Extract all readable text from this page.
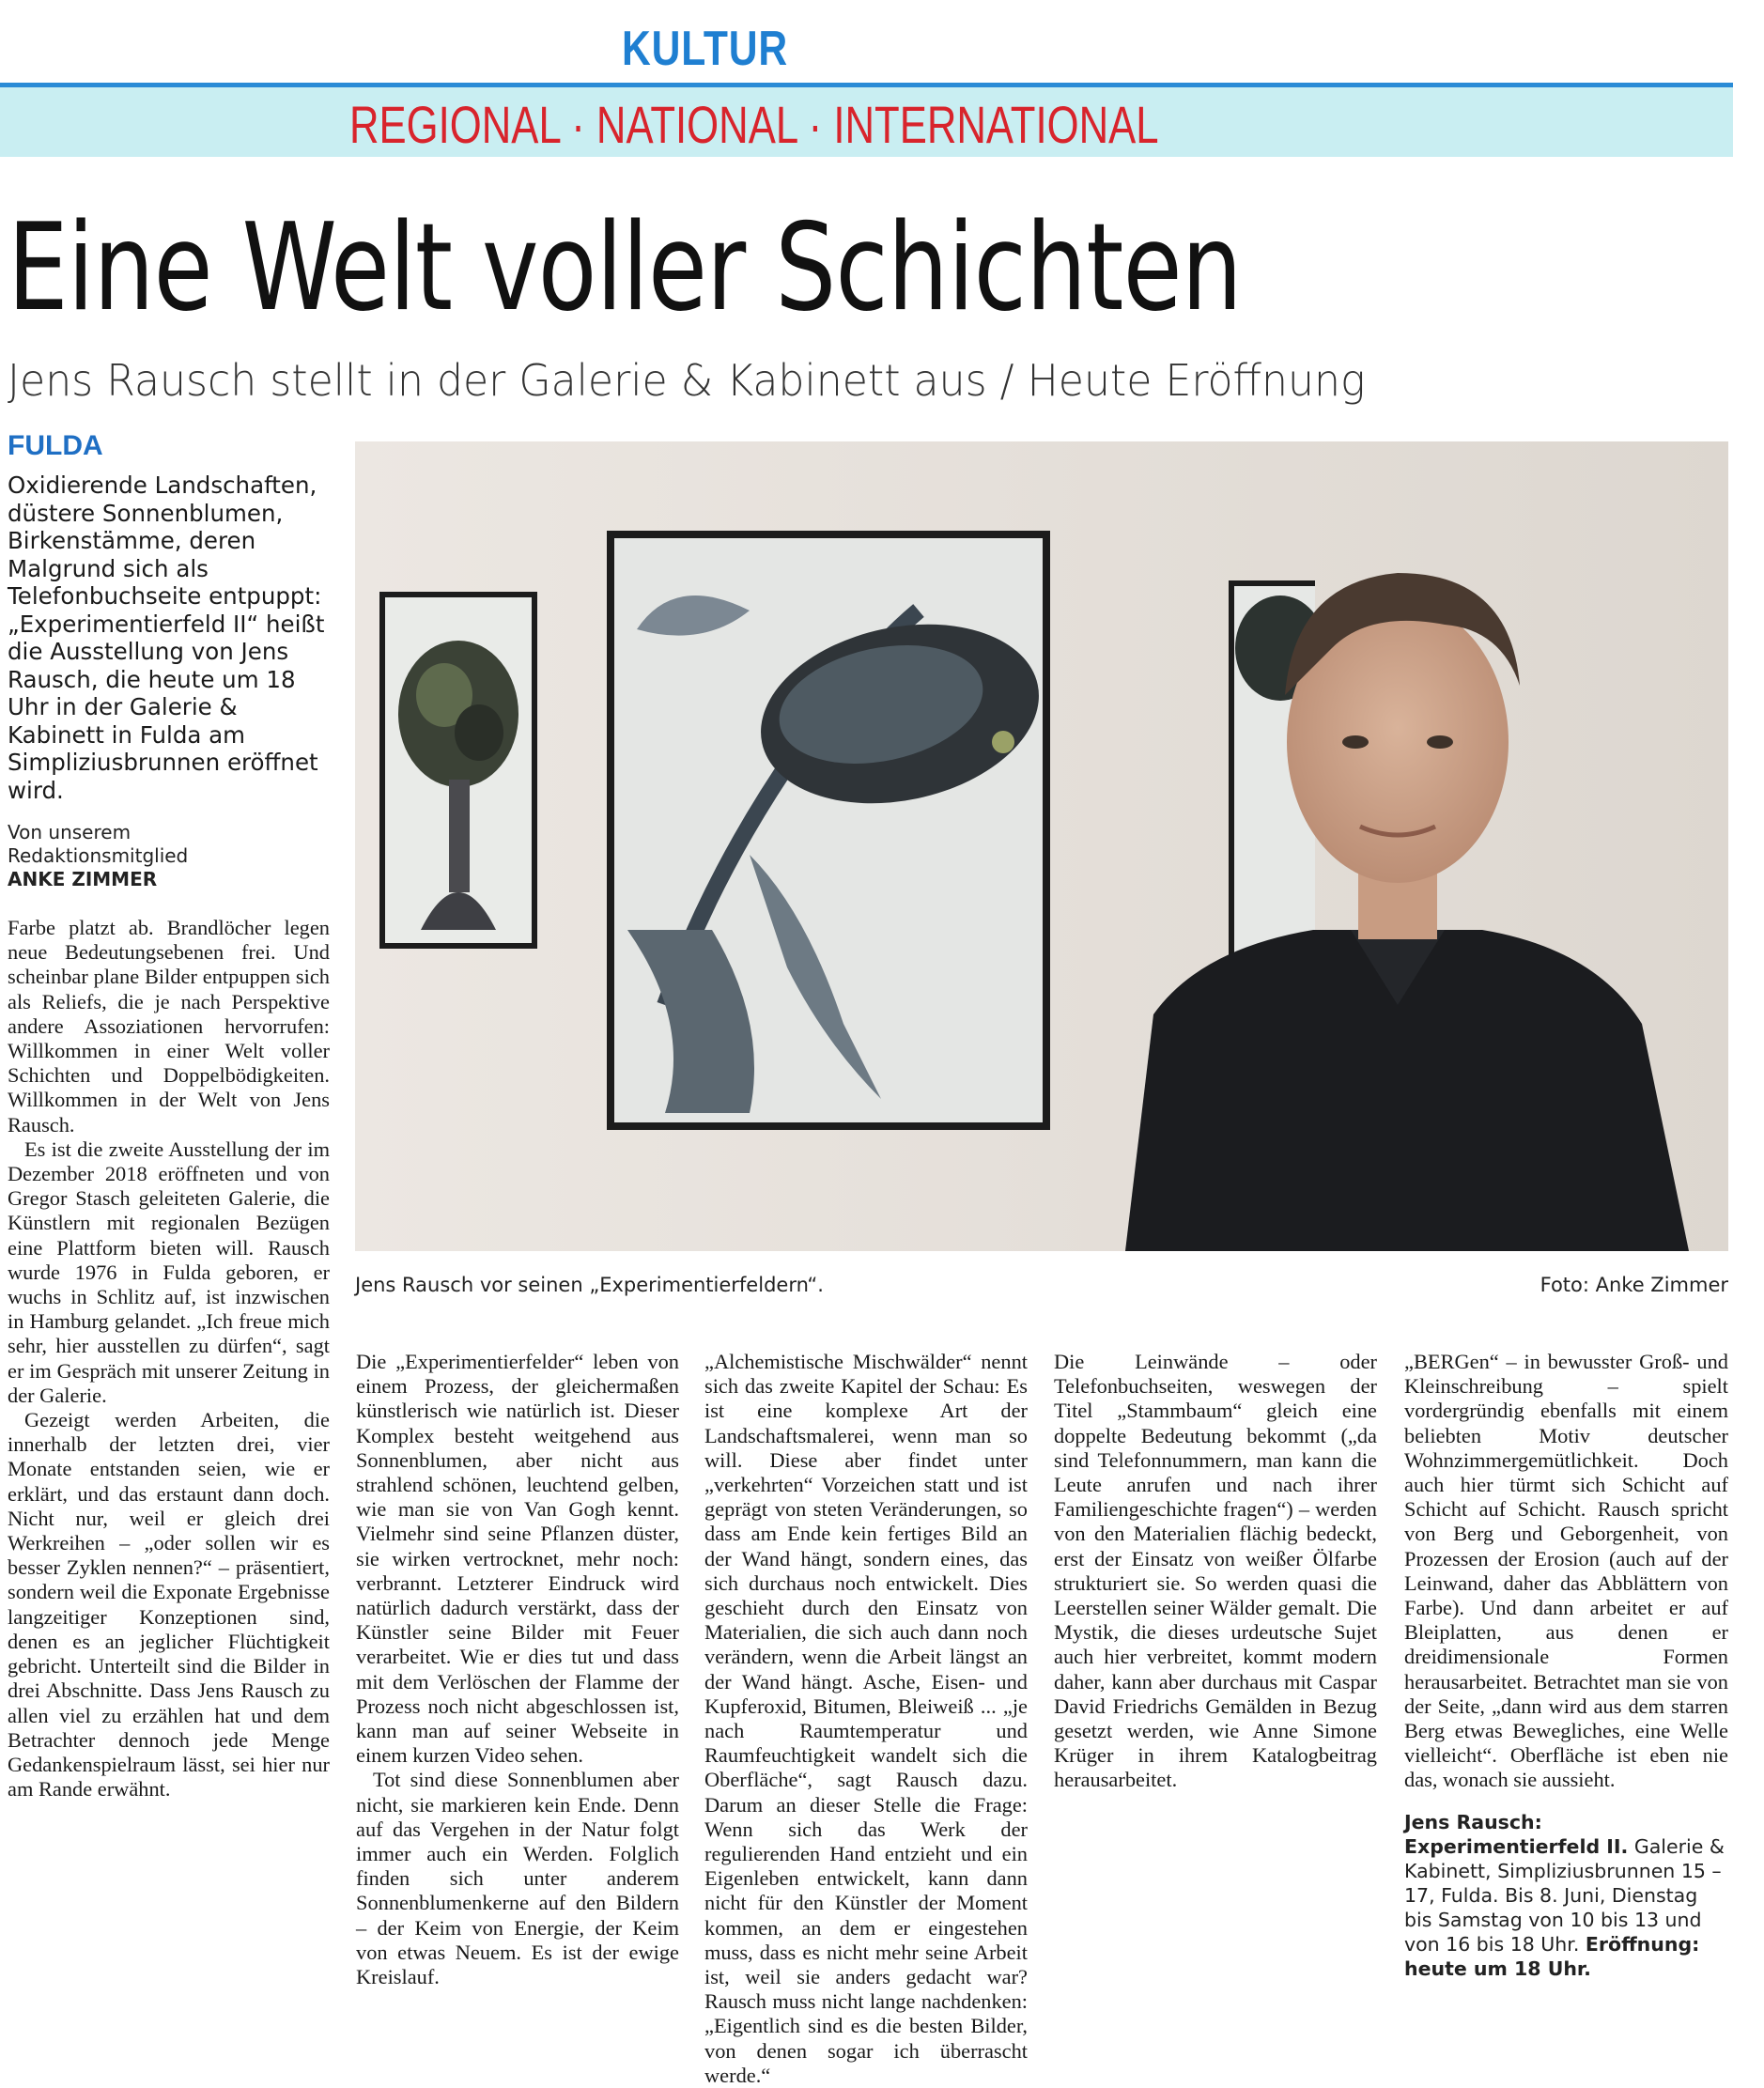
KULTUR
REGIONAL · NATIONAL · INTERNATIONAL
Eine Welt voller Schichten
Jens Rausch stellt in der Galerie & Kabinett aus / Heute Eröffnung
FULDA
Oxidierende Landschaften, düstere Sonnenblumen, Birkenstämme, deren Malgrund sich als Telefonbuchseite entpuppt: „Experimentierfeld II“ heißt die Ausstellung von Jens Rausch, die heute um 18 Uhr in der Galerie & Kabinett in Fulda am Simpliziusbrunnen eröffnet wird.
Von unserem
Redaktionsmitglied
ANKE ZIMMER
Jens Rausch vor seinen „Experimentierfeldern“.	Foto: Anke Zimmer

Farbe platzt ab. Brandlöcher legen neue Bedeutungsebenen frei. Und scheinbar plane Bilder entpuppen sich als Reliefs, die je nach Perspektive andere Assoziationen hervorrufen: Willkommen in einer Welt voller Schichten und Doppelbödigkeiten. Willkommen in der Welt von Jens Rausch.

Es ist die zweite Ausstellung der im Dezember 2018 eröffneten und von Gregor Stasch geleiteten Galerie, die Künstlern mit regionalen Bezügen eine Plattform bieten will. Rausch wurde 1976 in Fulda geboren, er wuchs in Schlitz auf, ist inzwischen in Hamburg gelandet. „Ich freue mich sehr, hier ausstellen zu dürfen“, sagt er im Gespräch mit unserer Zeitung in der Galerie.

Gezeigt werden Arbeiten, die innerhalb der letzten drei, vier Monate entstanden seien, wie er erklärt, und das erstaunt dann doch. Nicht nur, weil er gleich drei Werkreihen – „oder sollen wir es besser Zyklen nennen?“ – präsentiert, sondern weil die Exponate Ergebnisse langzeitiger Konzeptionen sind, denen es an jeglicher Flüchtigkeit gebricht. Unterteilt sind die Bilder in drei Abschnitte. Dass Jens Rausch zu allen viel zu erzählen hat und dem Betrachter dennoch jede Menge Gedankenspielraum lässt, sei hier nur am Rande erwähnt.

Die „Experimentierfelder“ leben von einem Prozess, der gleichermaßen künstlerisch wie natürlich ist. Dieser Komplex besteht weitgehend aus Sonnenblumen, aber nicht aus strahlend schönen, leuchtend gelben, wie man sie von Van Gogh kennt. Vielmehr sind seine Pflanzen düster, sie wirken vertrocknet, mehr noch: verbrannt. Letzterer Eindruck wird natürlich dadurch verstärkt, dass der Künstler seine Bilder mit Feuer verarbeitet. Wie er dies tut und dass mit dem Verlöschen der Flamme der Prozess noch nicht abgeschlossen ist, kann man auf seiner Webseite in einem kurzen Video sehen.

Tot sind diese Sonnenblumen aber nicht, sie markieren kein Ende. Denn auf das Vergehen in der Natur folgt immer auch ein Werden. Folglich finden sich unter anderem Sonnenblumenkerne auf den Bildern – der Keim von Energie, der Keim von etwas Neuem. Es ist der ewige Kreislauf.

„Alchemistische Mischwälder“ nennt sich das zweite Kapitel der Schau: Es ist eine komplexe Art der Landschaftsmalerei, wenn man so will. Diese aber findet unter „verkehrten“ Vorzeichen statt und ist geprägt von steten Veränderungen, so dass am Ende kein fertiges Bild an der Wand hängt, sondern eines, das sich durchaus noch entwickelt. Dies geschieht durch den Einsatz von Materialien, die sich auch dann noch verändern, wenn die Arbeit längst an der Wand hängt. Asche, Eisen- und Kupferoxid, Bitumen, Bleiweiß ... „je nach Raumtemperatur und Raumfeuchtigkeit wandelt sich die Oberfläche“, sagt Rausch dazu. Darum an dieser Stelle die Frage: Wenn sich das Werk der regulierenden Hand entzieht und ein Eigenleben entwickelt, kann dann nicht für den Künstler der Moment kommen, an dem er eingestehen muss, dass es nicht mehr seine Arbeit ist, weil sie anders gedacht war? Rausch muss nicht lange nachdenken: „Eigentlich sind es die besten Bilder, von denen sogar ich überrascht werde.“

Die Leinwände – oder Telefonbuchseiten, weswegen der Titel „Stammbaum“ gleich eine doppelte Bedeutung bekommt („da sind Telefonnummern, man kann die Leute anrufen und nach ihrer Familiengeschichte fragen“) – werden von den Materialien flächig bedeckt, erst der Einsatz von weißer Ölfarbe strukturiert sie. So werden quasi die Leerstellen seiner Wälder gemalt. Die Mystik, die dieses urdeutsche Sujet auch hier verbreitet, kommt modern daher, kann aber durchaus mit Caspar David Friedrichs Gemälden in Bezug gesetzt werden, wie Anne Simone Krüger in ihrem Katalogbeitrag herausarbeitet.

„BERGen“ – in bewusster Groß- und Kleinschreibung – spielt vordergründig ebenfalls mit einem beliebten Motiv deutscher Wohnzimmergemütlichkeit. Doch auch hier türmt sich Schicht auf Schicht auf Schicht. Rausch spricht von Berg und Geborgenheit, von Prozessen der Erosion (auch auf der Leinwand, daher das Abblättern von Farbe). Und dann arbeitet er auf Bleiplatten, aus denen er dreidimensionale Formen herausarbeitet. Betrachtet man sie von der Seite, „dann wird aus dem starren Berg etwas Bewegliches, eine Welle vielleicht“. Oberfläche ist eben nie das, wonach sie aussieht.

Jens Rausch: Experimentierfeld II. Galerie & Kabinett, Simpliziusbrunnen 15 – 17, Fulda. Bis 8. Juni, Dienstag bis Samstag von 10 bis 13 und von 16 bis 18 Uhr. Eröffnung: heute um 18 Uhr.
